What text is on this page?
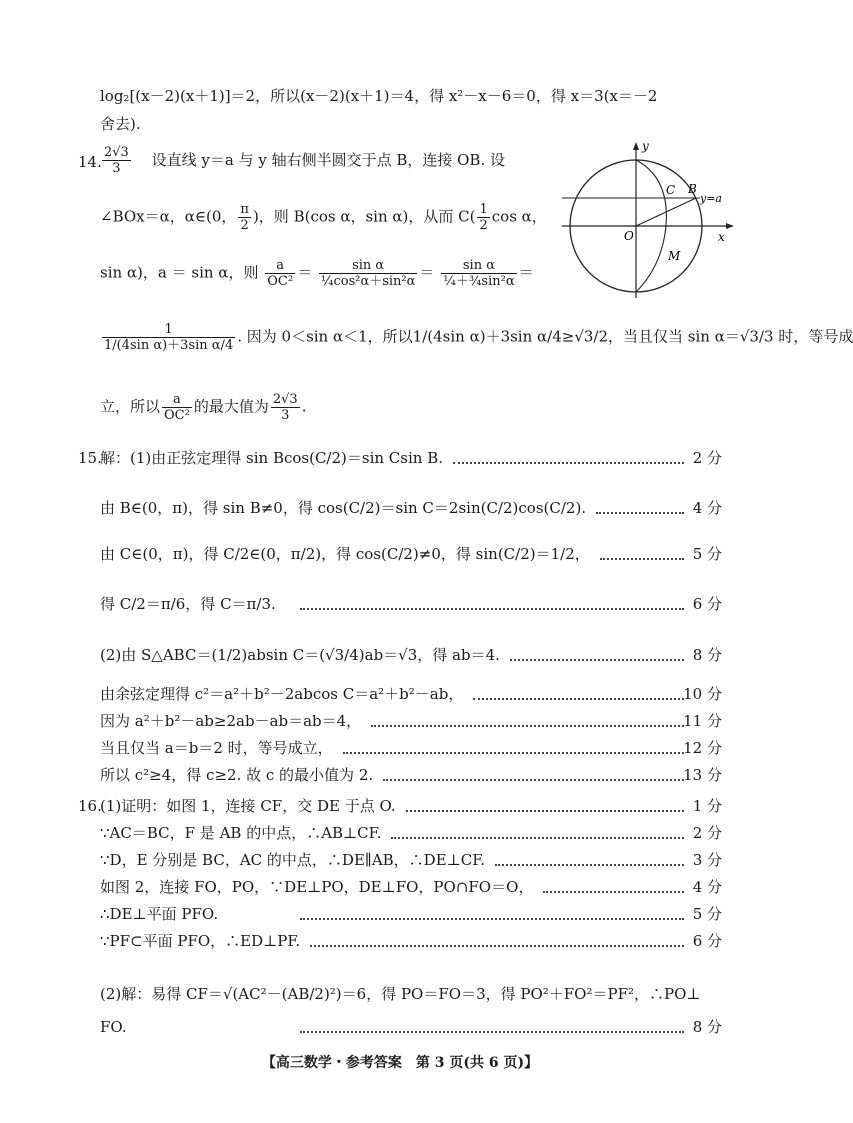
log₂[(x－2)(x＋1)]＝2，所以(x－2)(x＋1)＝4，得 x²－x－6＝0，得 x＝3(x＝－2
舍去).
14. $\frac{2√3}{3}$ 设直线 y＝a 与 y 轴右侧半圆交于点 B，连接 OB. 设
∠BOx＝α，α∈(0， $\frac{\pi}{2}$ )，则 B(cos α，sin α)，从而 $C( \frac{1}{2}$ cos α，
sin α)，a ＝ sin α，则 $\frac{a}{\text{OC²}} = \frac{\text{sin α}}{\text{¼cos²α＋sin²α}} = \frac{\text{sin α}}{\text{¼＋¾sin²α}}$ ＝
$\frac{1}{\text{1/(4sin α)＋3sin α/4}}$ . 因为 0＜sin α＜1，所以1/(4sin α)＋3sin α/4≥√3/2，当且仅当 sin α＝√3/3 时，等号成
立，所以 $\frac{a}{\text{OC²}}$ 的最大值为 $\frac{2√3}{3}$ .
y
x
O
B
C
M
y=a
15.
解：(1)由正弦定理得 sin Bcos(C/2)＝sin Csin B.	2 分
由 B∈(0，π)，得 sin B≠0，得 cos(C/2)＝sin C＝2sin(C/2)cos(C/2).	4 分
由 C∈(0，π)，得 C/2∈(0，π/2)，得 cos(C/2)≠0，得 sin(C/2)＝1/2，	5 分
得 C/2＝π/6，得 C＝π/3.	6 分
(2)由 S△ABC＝(1/2)absin C＝(√3/4)ab＝√3，得 ab＝4.	8 分
由余弦定理得 c²＝a²＋b²－2abcos C＝a²＋b²－ab，	10 分
因为 a²＋b²－ab≥2ab－ab＝ab＝4，	11 分
当且仅当 a＝b＝2 时，等号成立，	12 分
所以 c²≥4，得 c≥2. 故 c 的最小值为 2.	13 分
16.
(1)证明：如图 1，连接 CF，交 DE 于点 O.	1 分
∵AC＝BC，F 是 AB 的中点，∴AB⊥CF.	2 分
∵D，E 分别是 BC，AC 的中点，∴DE∥AB，∴DE⊥CF.	3 分
如图 2，连接 FO，PO，∵DE⊥PO，DE⊥FO，PO∩FO＝O，	4 分
∴DE⊥平面 PFO.	5 分
∵PF⊂平面 PFO，∴ED⊥PF.	6 分
(2)解：易得 CF＝√(AC²－(AB/2)²)＝6，得 PO＝FO＝3，得 PO²＋FO²＝PF²，∴PO⊥
FO.	8 分
【高三数学・参考答案　第 3 页(共 6 页)】
